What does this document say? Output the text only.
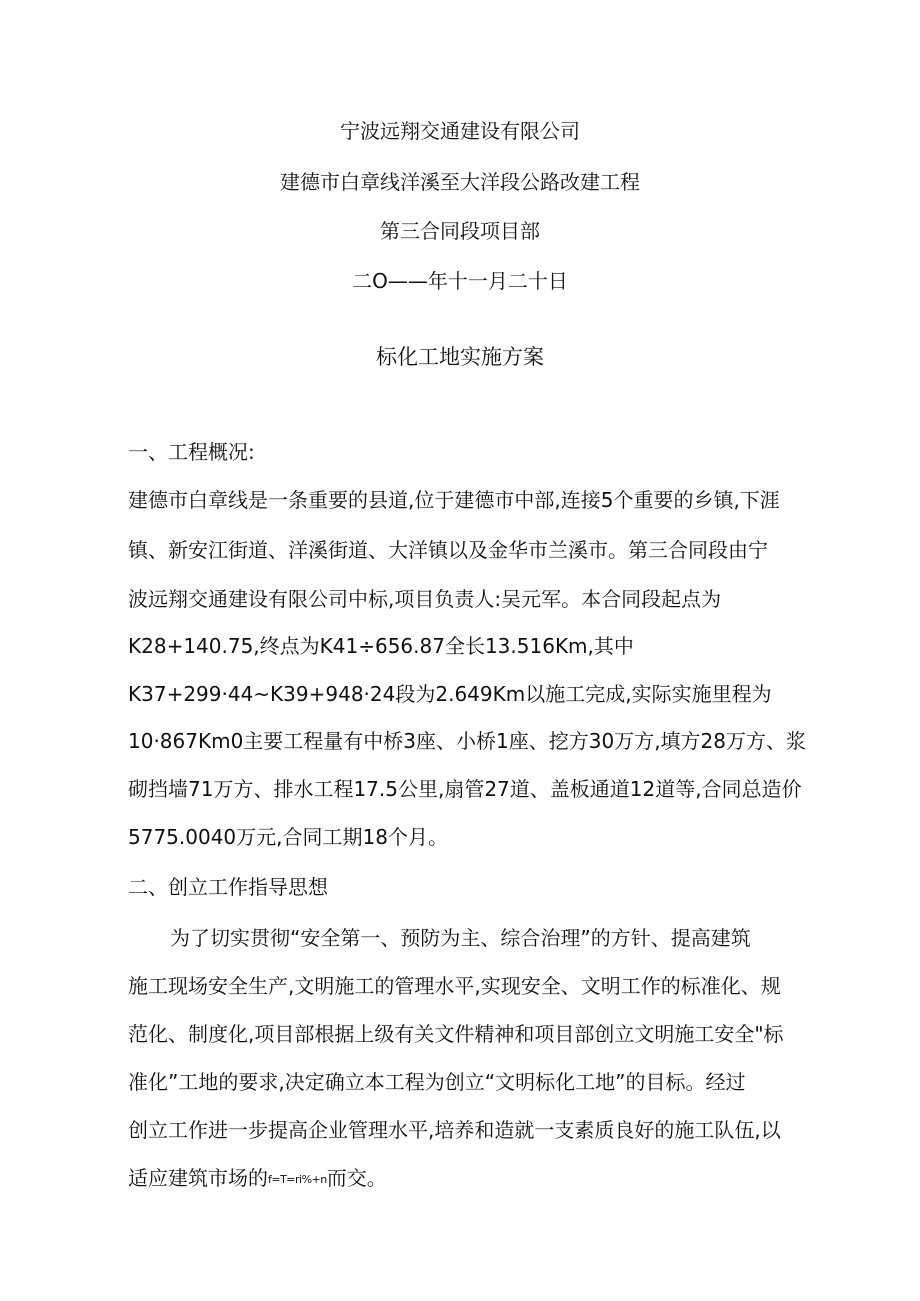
宁波远翔交通建设有限公司
建德市白章线洋溪至大洋段公路改建工程
第三合同段项目部
二O——年十一月二十日
标化工地实施方案
一、工程概况:
建德市白章线是一条重要的县道,位于建德市中部,连接5个重要的乡镇,下涯
镇、新安江街道、洋溪街道、大洋镇以及金华市兰溪市。第三合同段由宁
波远翔交通建设有限公司中标,项目负责人:吴元军。本合同段起点为
K28+140.75,终点为K41÷656.87全长13.516Km,其中
K37+299·44~K39+948·24段为2.649Km以施工完成,实际实施里程为
10·867Km0主要工程量有中桥3座、小桥1座、挖方30万方,填方28万方、浆
砌挡墙71万方、排水工程17.5公里,扇管27道、盖板通道12道等,合同总造价
5775.0040万元,合同工期18个月。
二、创立工作指导思想
为了切实贯彻“安全第一、预防为主、综合治理”的方针、提高建筑
施工现场安全生产,文明施工的管理水平,实现安全、文明工作的标准化、规
范化、制度化,项目部根据上级有关文件精神和项目部创立文明施工安全"标
准化”工地的要求,决定确立本工程为创立“文明标化工地”的目标。经过
创立工作进一步提高企业管理水平,培养和造就一支素质良好的施工队伍,以
适应建筑市场的f=T=ri%+n而交。
